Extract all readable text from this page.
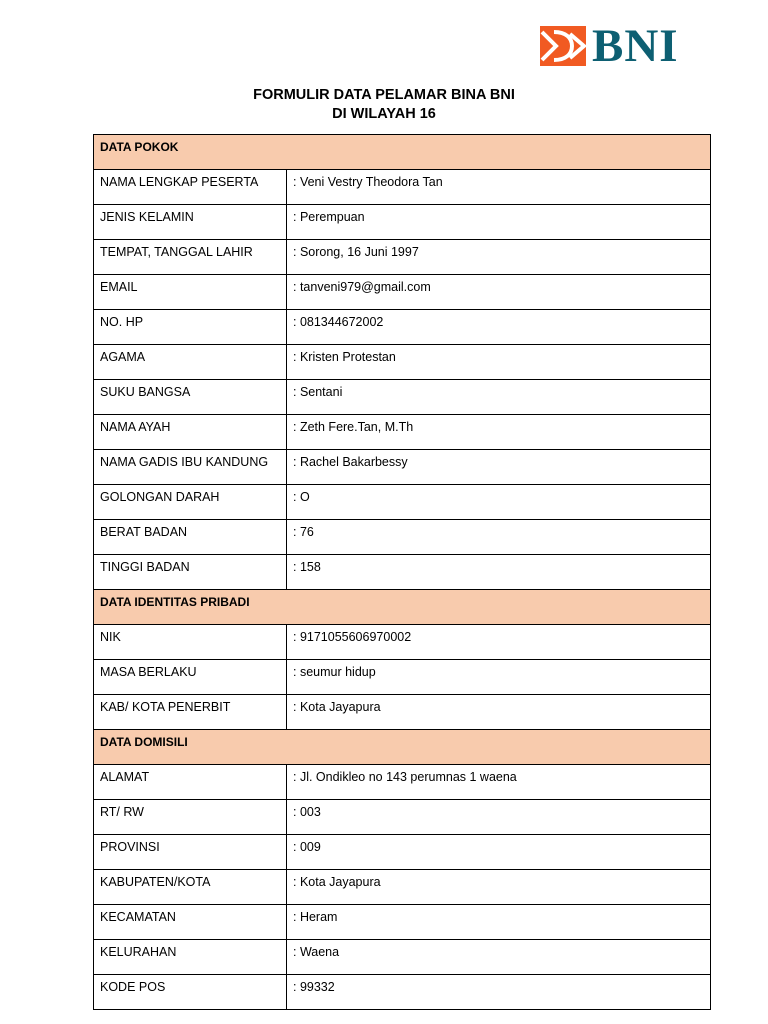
BNI
FORMULIR DATA PELAMAR BINA BNI
DI WILAYAH 16
DATA POKOK	
NAMA LENGKAP PESERTA	: Veni Vestry Theodora Tan
JENIS KELAMIN	: Perempuan
TEMPAT, TANGGAL LAHIR	: Sorong, 16 Juni 1997
EMAIL	: tanveni979@gmail.com
NO. HP	: 081344672002
AGAMA	: Kristen Protestan
SUKU BANGSA	: Sentani
NAMA AYAH	: Zeth Fere.Tan, M.Th
NAMA GADIS IBU KANDUNG	: Rachel Bakarbessy
GOLONGAN DARAH	: O
BERAT BADAN	: 76
TINGGI BADAN	: 158
DATA IDENTITAS PRIBADI	
NIK	: 9171055606970002
MASA BERLAKU	: seumur hidup
KAB/ KOTA PENERBIT	: Kota Jayapura
DATA DOMISILI	
ALAMAT	: Jl. Ondikleo no 143 perumnas 1 waena
RT/ RW	: 003
PROVINSI	: 009
KABUPATEN/KOTA	: Kota Jayapura
KECAMATAN	: Heram
KELURAHAN	: Waena
KODE POS	: 99332
